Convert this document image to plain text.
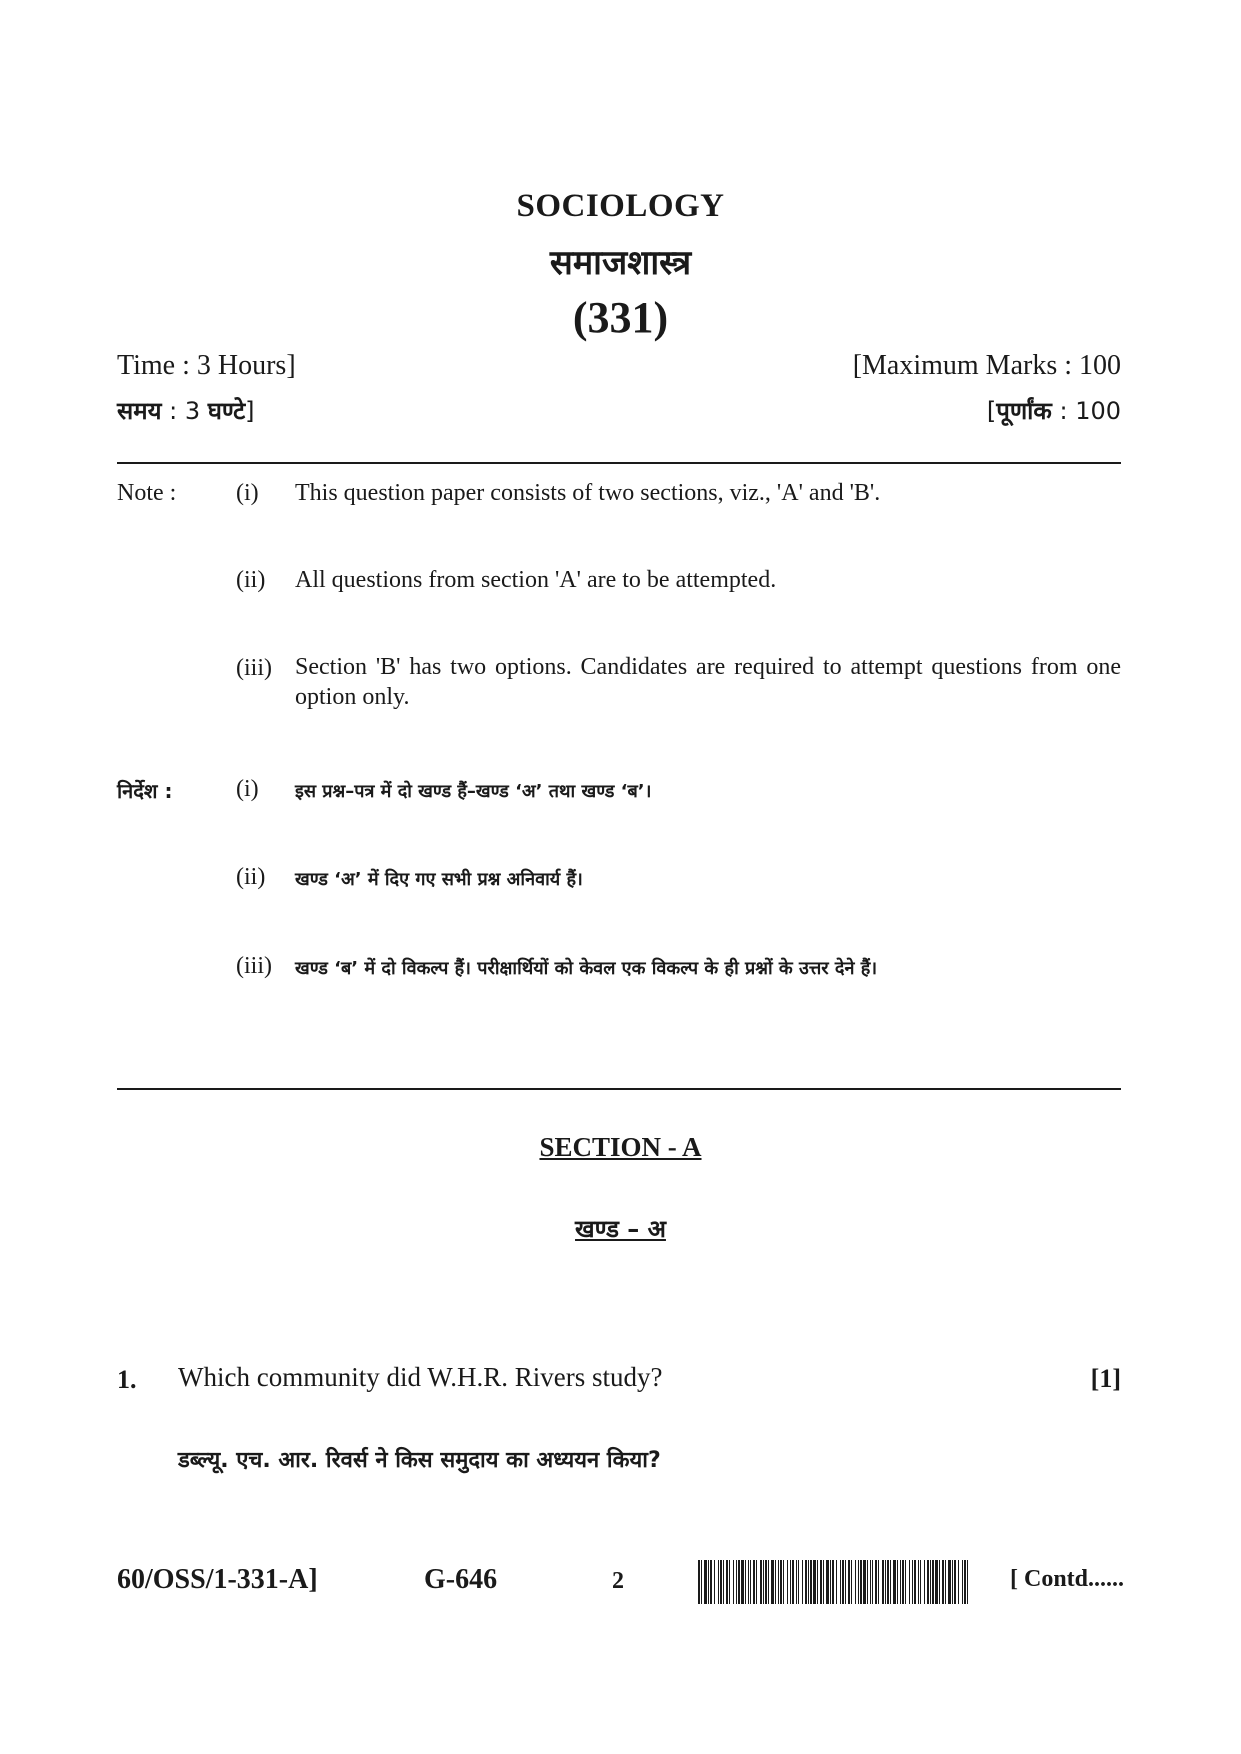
SOCIOLOGY
समाजशास्त्र
(331)
Time : 3 Hours]	[Maximum Marks : 100
समय : 3 घण्टे]	[पूर्णांक : 100
Note : (i) This question paper consists of two sections, viz., 'A' and 'B'.
(ii) All questions from section 'A' are to be attempted.
(iii) Section 'B' has two options. Candidates are required to attempt questions from one option only.
निर्देश :	(i) इस प्रश्न–पत्र में दो खण्ड हैं–खण्ड ‘अ’ तथा खण्ड ‘ब’।
(ii) खण्ड ‘अ’ में दिए गए सभी प्रश्न अनिवार्य हैं।
(iii) खण्ड ‘ब’ में दो विकल्प हैं। परीक्षार्थियों को केवल एक विकल्प के ही प्रश्नों के उत्तर देने हैं।
SECTION - A
खण्ड – अ
1. Which community did W.H.R. Rivers study?	[1]
डब्ल्यू. एच. आर. रिवर्स ने किस समुदाय का अध्ययन किया?
60/OSS/1-331-A]	G-646	2	[ Contd......
